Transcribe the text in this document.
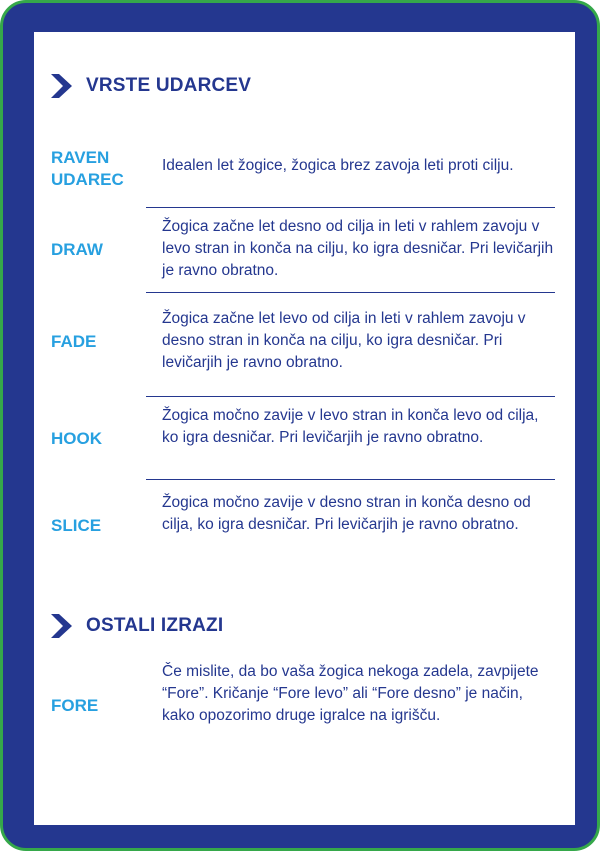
VRSTE UDARCEV
RAVEN UDAREC
Idealen let žogice, žogica brez zavoja leti proti cilju.
DRAW
Žogica začne let desno od cilja in leti v rahlem zavoju v levo stran in konča na cilju, ko igra desničar. Pri levičarjih je ravno obratno.
FADE
Žogica začne let levo od cilja in leti v rahlem zavoju v desno stran in konča na cilju, ko igra desničar. Pri levičarjih je ravno obratno.
HOOK
Žogica močno zavije v levo stran in konča levo od cilja, ko igra desničar. Pri levičarjih je ravno obratno.
SLICE
Žogica močno zavije v desno stran in konča desno od cilja, ko igra desničar. Pri levičarjih je ravno obratno.
OSTALI IZRAZI
FORE
Če mislite, da bo vaša žogica nekoga zadela, zavpijete “Fore”. Kričanje “Fore levo” ali “Fore desno” je način, kako opozorimo druge igralce na igrišču.
